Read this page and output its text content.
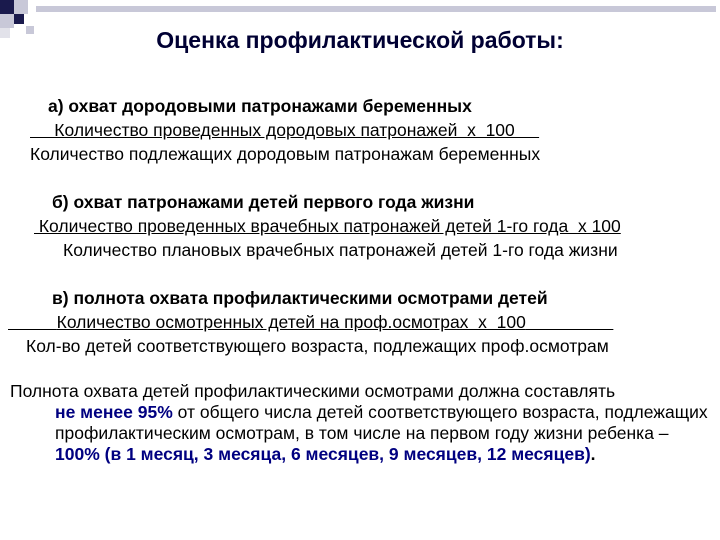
Оценка профилактической работы:
а) охват дородовыми патронажами беременных
Количество проведенных дородовых патронажей  х  100
Количество подлежащих дородовым патронажам беременных
б) охват патронажами детей первого года жизни
Количество проведенных врачебных патронажей детей 1-го года  х 100
Количество плановых врачебных патронажей детей 1-го года жизни
в) полнота охвата профилактическими осмотрами детей
Количество осмотренных детей на проф.осмотрах  х  100
Кол-во детей соответствующего возраста, подлежащих проф.осмотрам
Полнота охвата детей профилактическими осмотрами должна составлять
не менее 95% от общего числа детей соответствующего возраста, подлежащих профилактическим осмотрам, в том числе на первом году жизни ребенка – 100% (в 1 месяц, 3 месяца, 6 месяцев, 9 месяцев, 12 месяцев).
